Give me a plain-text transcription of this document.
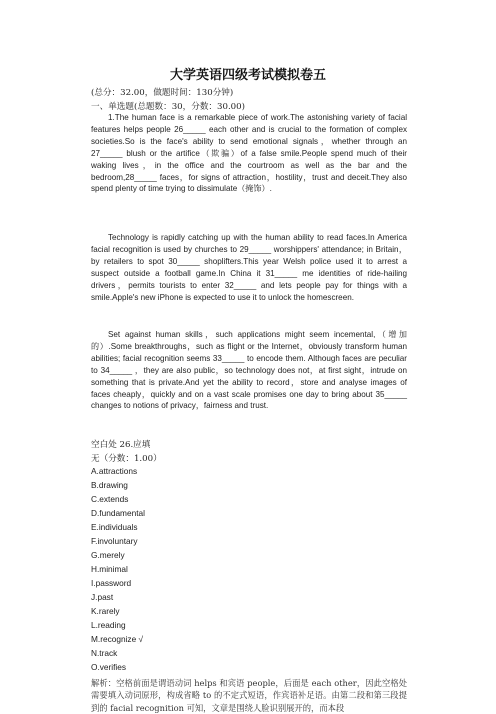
大学英语四级考试模拟卷五
(总分：32.00，做题时间：130分钟)
一、单选题(总题数：30，分数：30.00)
1.The human face is a remarkable piece of work.The astonishing variety of facial features helps people 26_____ each other and is crucial to the formation of complex societies.So is the face's ability to send emotional signals，whether through an 27_____ blush or the artifice（欺骗）of a false smile.People spend much of their waking lives，in the office and the courtroom as well as the bar and the bedroom,28_____ faces，for signs of attraction，hostility，trust and deceit.They also spend plenty of time trying to dissimulate（掩饰）.
Technology is rapidly catching up with the human ability to read faces.In America facial recognition is used by churches to 29_____ worshippers' attendance; in Britain，by retailers to spot 30_____ shoplifters.This year Welsh police used it to arrest a suspect outside a football game.In China it 31_____ me identities of ride-hailing drivers，permits tourists to enter 32_____ and lets people pay for things with a smile.Apple's new iPhone is expected to use it to unlock the homescreen.
Set against human skills，such applications might seem incemental,（增加的）.Some breakthroughs，such as flight or the Internet，obviously transform human abilities; facial recognition seems 33_____ to encode them. Although faces are peculiar to 34_____ ，they are also public，so technology does not，at first sight，intrude on something that is private.And yet the ability to record，store and analyse images of faces cheaply，quickly and on a vast scale promises one day to bring about 35_____ changes to notions of privacy，fairness and trust.
空白处 26.应填
无（分数：1.00）
A.attractions
B.drawing
C.extends
D.fundamental
E.individuals
F.involuntary
G.merely
H.minimal
I.password
J.past
K.rarely
L.reading
M.recognize √
N.track
O.verifies
解析：空格前面是谓语动词 helps 和宾语 people，后面是 each other，因此空格处需要填入动词原形，构成省略 to 的不定式短语，作宾语补足语。由第二段和第三段提到的 facial recognition 可知，文章是围绕人脸识别展开的，而本段
